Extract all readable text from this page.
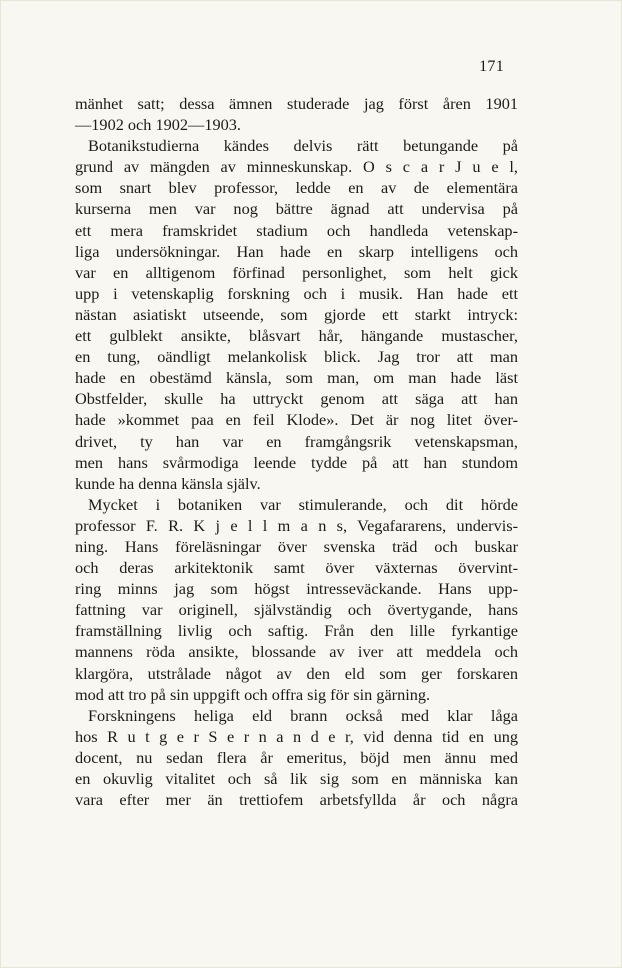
171
mänhet satt; dessa ämnen studerade jag först åren 1901
—1902 och 1902—1903.
Botanikstudierna kändes delvis rätt betungande på
grund av mängden av minneskunskap. O s c a r J u e l,
som snart blev professor, ledde en av de elementära
kurserna men var nog bättre ägnad att undervisa på
ett mera framskridet stadium och handleda vetenskap-
liga undersökningar. Han hade en skarp intelligens och
var en alltigenom förfinad personlighet, som helt gick
upp i vetenskaplig forskning och i musik. Han hade ett
nästan asiatiskt utseende, som gjorde ett starkt intryck:
ett gulblekt ansikte, blåsvart hår, hängande mustascher,
en tung, oändligt melankolisk blick. Jag tror att man
hade en obestämd känsla, som man, om man hade läst
Obstfelder, skulle ha uttryckt genom att säga att han
hade »kommet paa en feil Klode». Det är nog litet över-
drivet, ty han var en framgångsrik vetenskapsman,
men hans svårmodiga leende tydde på att han stundom
kunde ha denna känsla själv.
Mycket i botaniken var stimulerande, och dit hörde
professor F. R. K j e l l m a n s, Vegafararens, undervis-
ning. Hans föreläsningar över svenska träd och buskar
och deras arkitektonik samt över växternas övervint-
ring minns jag som högst intresseväckande. Hans upp-
fattning var originell, självständig och övertygande, hans
framställning livlig och saftig. Från den lille fyrkantige
mannens röda ansikte, blossande av iver att meddela och
klargöra, utstrålade något av den eld som ger forskaren
mod att tro på sin uppgift och offra sig för sin gärning.
Forskningens heliga eld brann också med klar låga
hos R u t g e r S e r n a n d e r, vid denna tid en ung
docent, nu sedan flera år emeritus, böjd men ännu med
en okuvlig vitalitet och så lik sig som en människa kan
vara efter mer än trettiofem arbetsfyllda år och några
